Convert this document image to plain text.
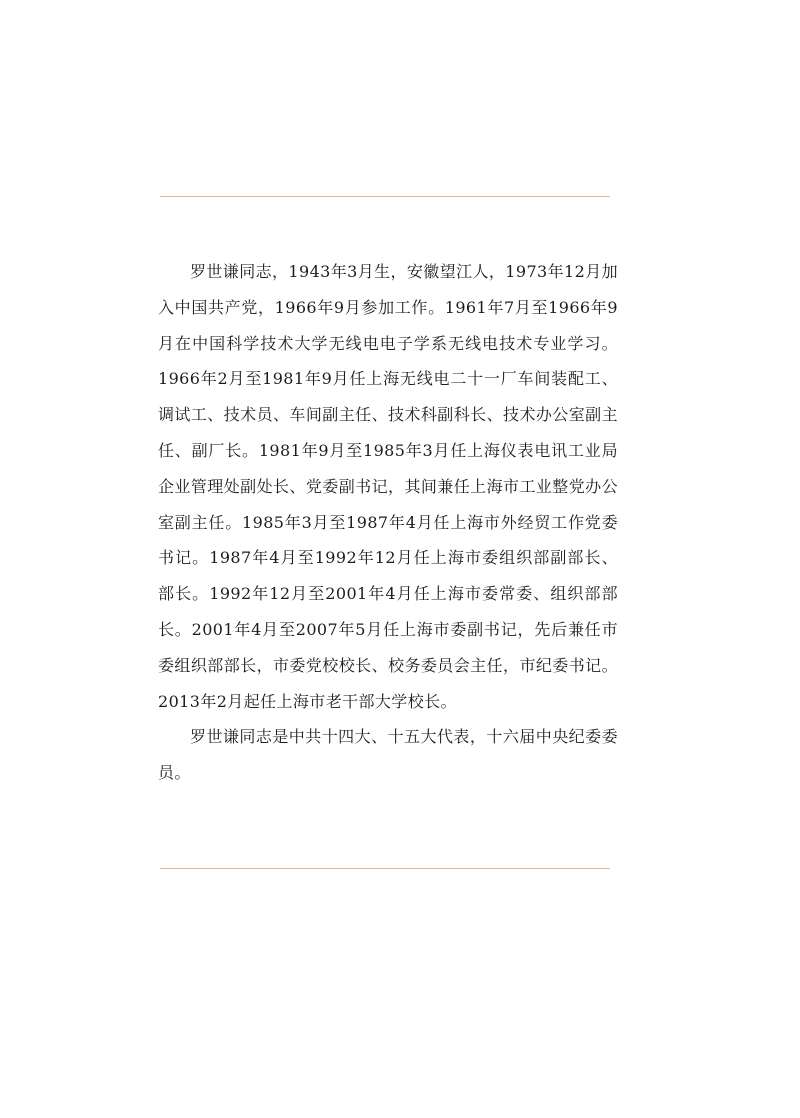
罗世谦同志，1943年3月生，安徽望江人，1973年12月加入中国共产党，1966年9月参加工作。1961年7月至1966年9月在中国科学技术大学无线电电子学系无线电技术专业学习。1966年2月至1981年9月任上海无线电二十一厂车间装配工、调试工、技术员、车间副主任、技术科副科长、技术办公室副主任、副厂长。1981年9月至1985年3月任上海仪表电讯工业局企业管理处副处长、党委副书记，其间兼任上海市工业整党办公室副主任。1985年3月至1987年4月任上海市外经贸工作党委书记。1987年4月至1992年12月任上海市委组织部副部长、部长。1992年12月至2001年4月任上海市委常委、组织部部长。2001年4月至2007年5月任上海市委副书记，先后兼任市委组织部部长，市委党校校长、校务委员会主任，市纪委书记。2013年2月起任上海市老干部大学校长。

罗世谦同志是中共十四大、十五大代表，十六届中央纪委委员。
